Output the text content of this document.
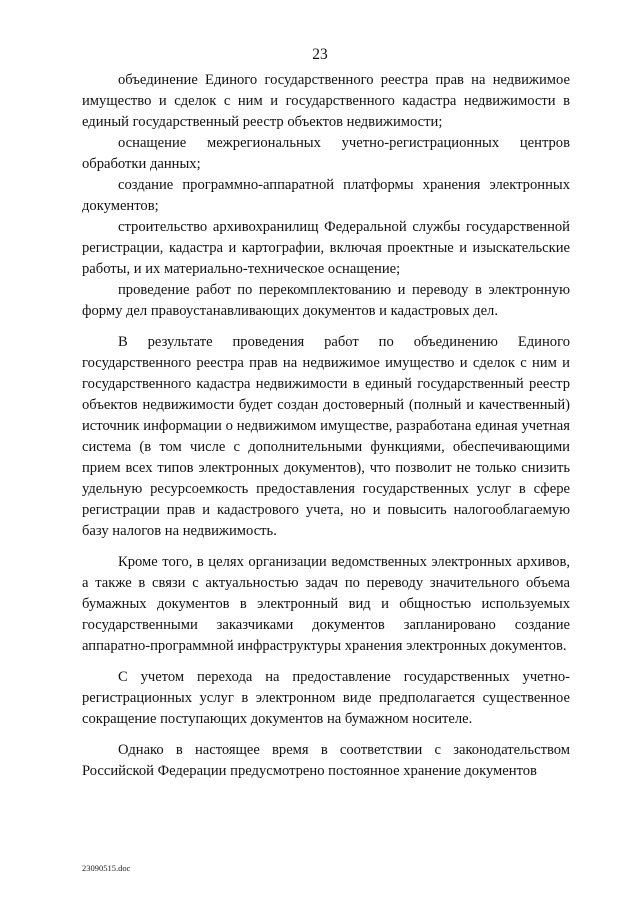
23

объединение Единого государственного реестра прав на недвижимое имущество и сделок с ним и государственного кадастра недвижимости в единый государственный реестр объектов недвижимости;

оснащение межрегиональных учетно-регистрационных центров обработки данных;

создание программно-аппаратной платформы хранения электронных документов;

строительство архивохранилищ Федеральной службы государственной регистрации, кадастра и картографии, включая проектные и изыскательские работы, и их материально-техническое оснащение;

проведение работ по перекомплектованию и переводу в электронную форму дел правоустанавливающих документов и кадастровых дел.

В результате проведения работ по объединению Единого государственного реестра прав на недвижимое имущество и сделок с ним и государственного кадастра недвижимости в единый государственный реестр объектов недвижимости будет создан достоверный (полный и качественный) источник информации о недвижимом имуществе, разработана единая учетная система (в том числе с дополнительными функциями, обеспечивающими прием всех типов электронных документов), что позволит не только снизить удельную ресурсоемкость предоставления государственных услуг в сфере регистрации прав и кадастрового учета, но и повысить налогооблагаемую базу налогов на недвижимость.

Кроме того, в целях организации ведомственных электронных архивов, а также в связи с актуальностью задач по переводу значительного объема бумажных документов в электронный вид и общностью используемых государственными заказчиками документов запланировано создание аппаратно-программной инфраструктуры хранения электронных документов.

С учетом перехода на предоставление государственных учетно-регистрационных услуг в электронном виде предполагается существенное сокращение поступающих документов на бумажном носителе.

Однако в настоящее время в соответствии с законодательством Российской Федерации предусмотрено постоянное хранение документов

23090515.doc
